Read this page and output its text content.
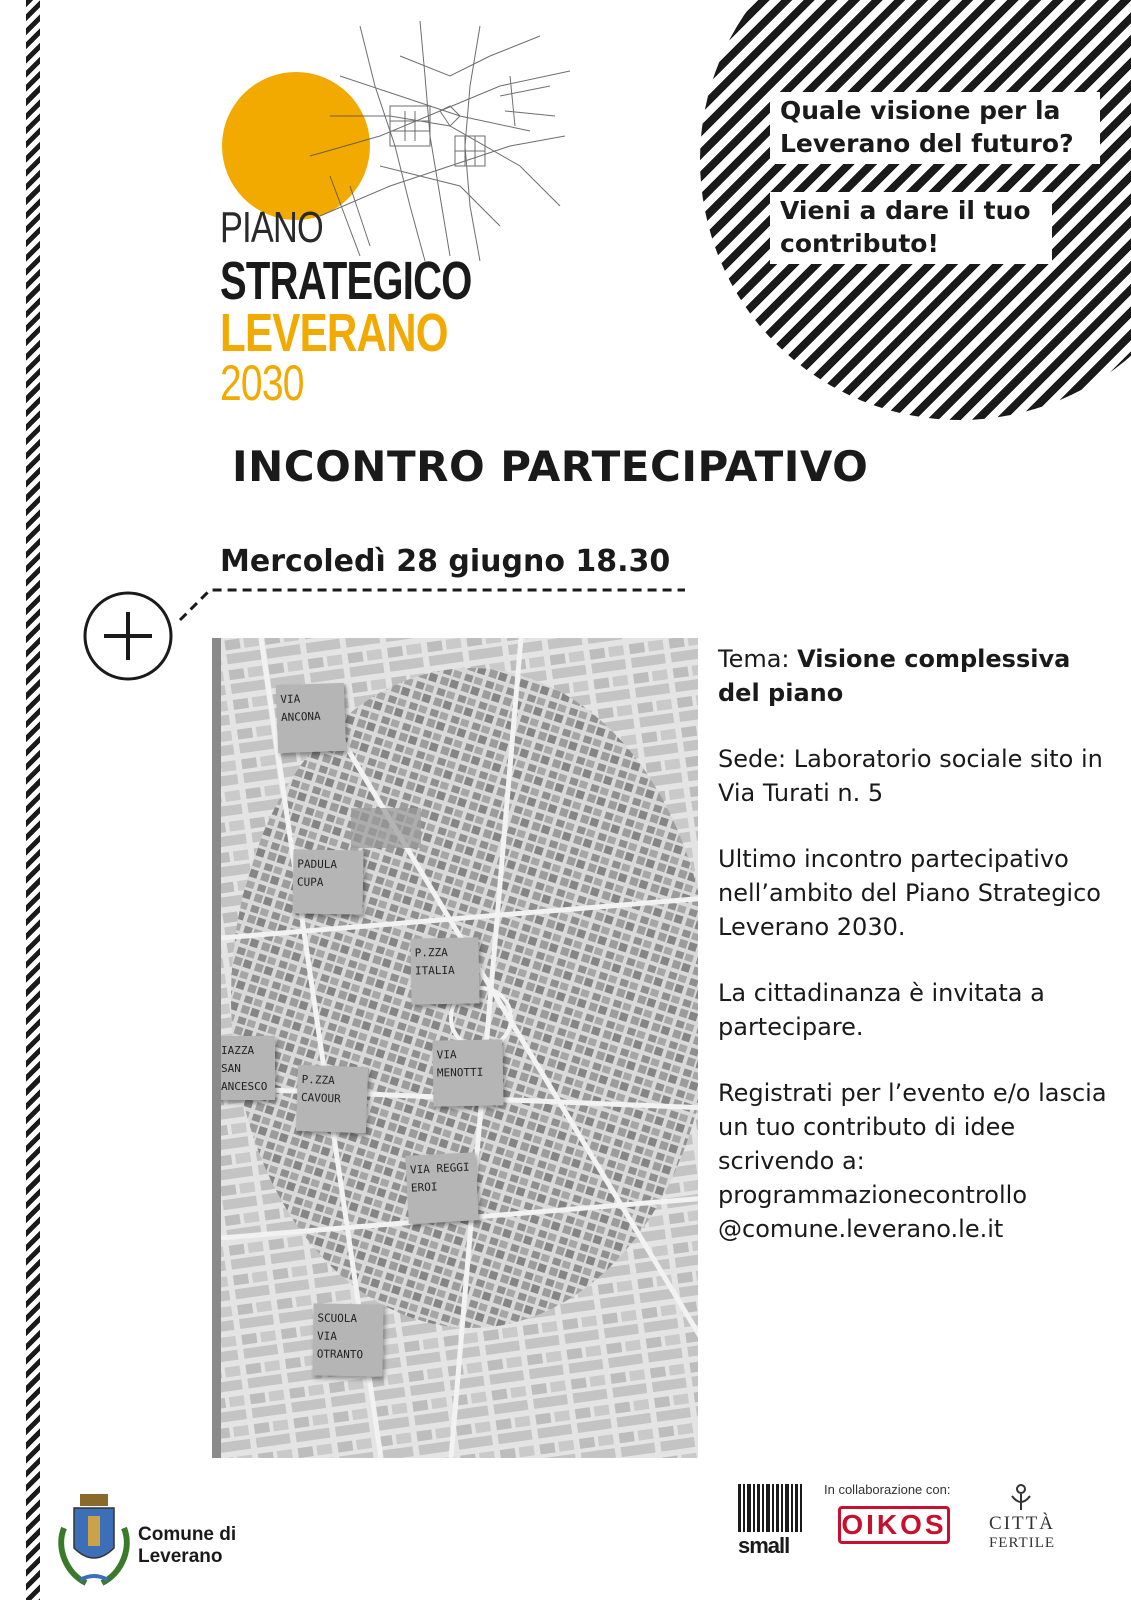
Quale visione per la Leverano del futuro?
Vieni a dare il tuo contributo!
PIANO
STRATEGICO
LEVERANO
2030
INCONTRO PARTECIPATIVO
Mercoledì 28 giugno 18.30
VIA ANCONA
PADULA CUPA
P.ZZA ITALIA
IAZZA SAN ANCESCO	P.ZZA CAVOUR
VIA MENOTTI
VIA REGGI EROI
SCUOLA VIA OTRANTO

Tema: Visione complessiva del piano

Sede: Laboratorio sociale sito in Via Turati n. 5

Ultimo incontro partecipativo nell’ambito del Piano Strategico Leverano 2030.

La cittadinanza è invitata a partecipare.

Registrati per l’evento e/o lascia un tuo contributo di idee scrivendo a:
programmazionecontrollo
@comune.leverano.le.it

Comune di
Leverano	small
In collaborazione con:
OIKOS	CITTÀ
FERTILE
